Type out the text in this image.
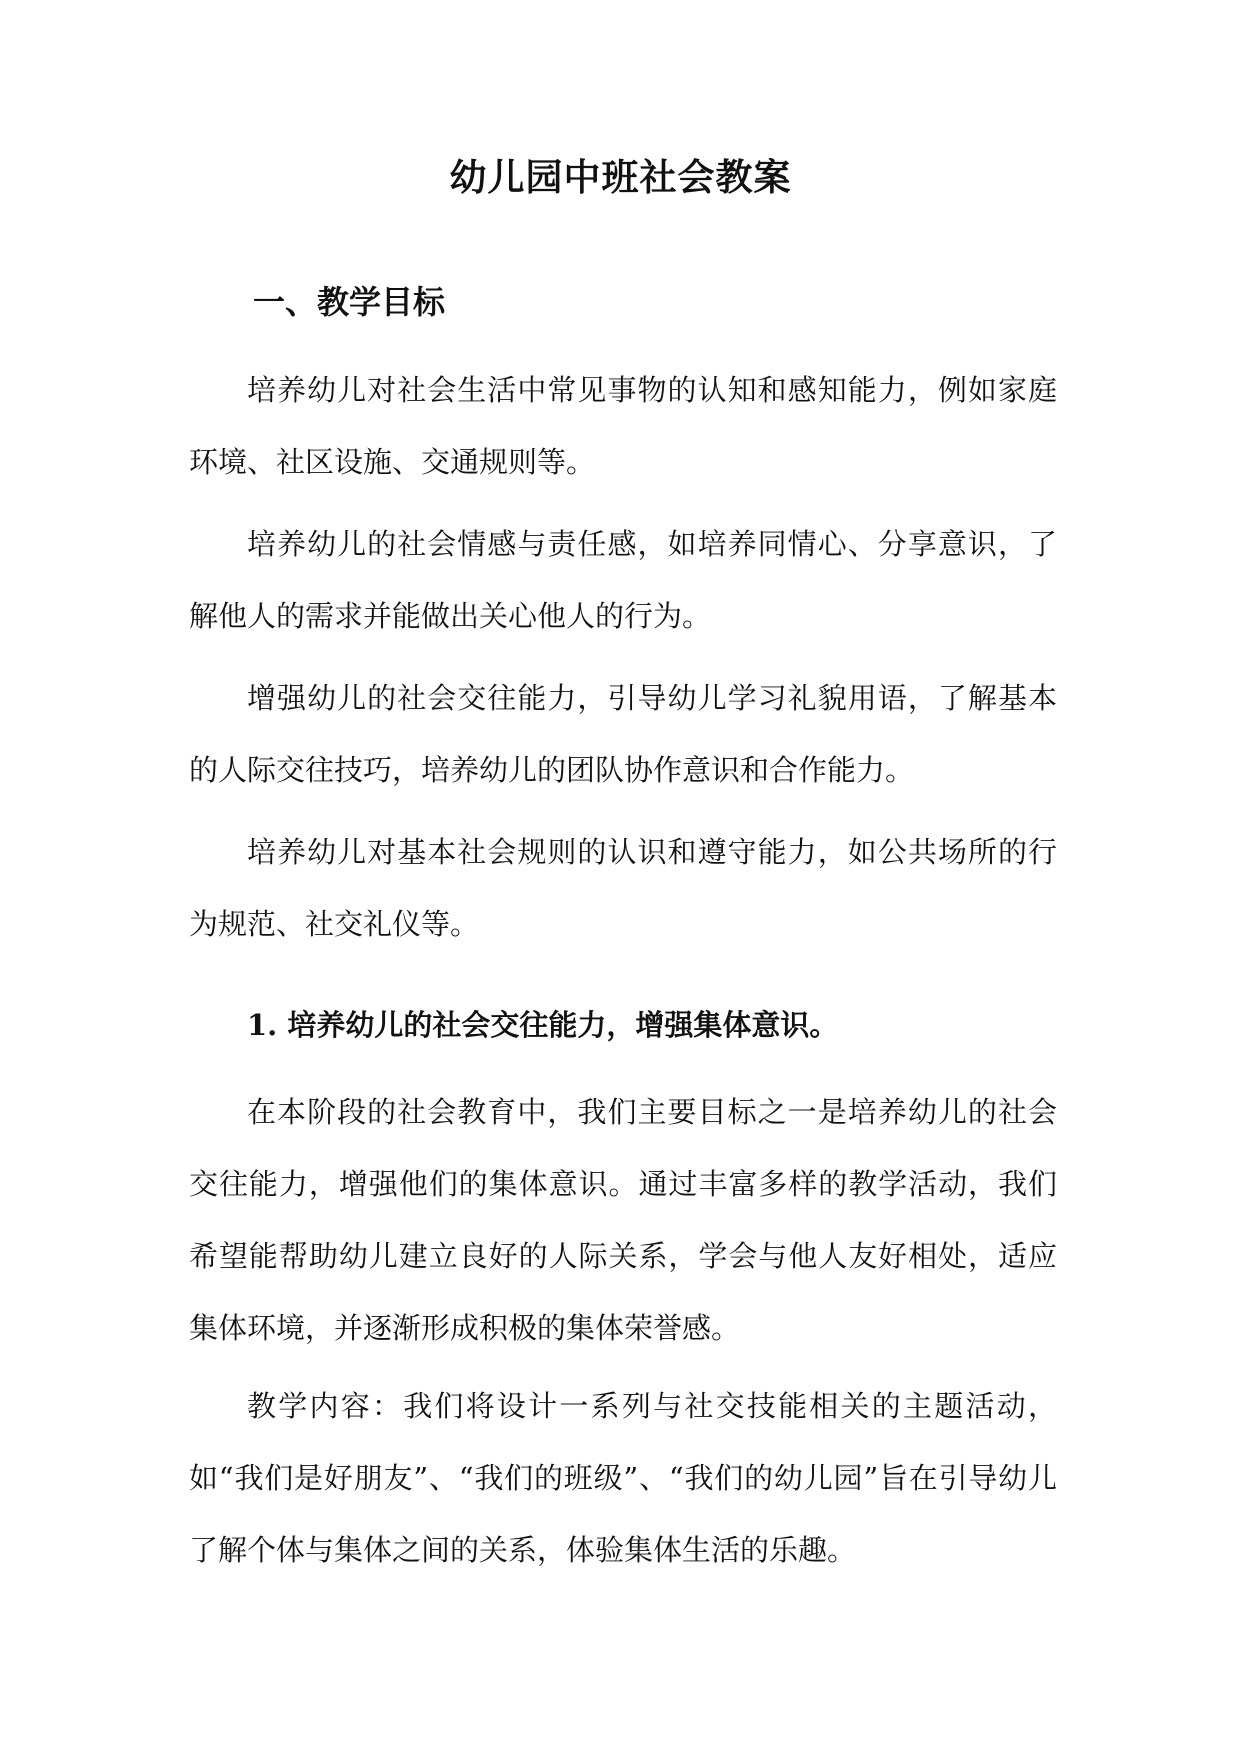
幼儿园中班社会教案
一、教学目标

培养幼儿对社会生活中常见事物的认知和感知能力，例如家庭环境、社区设施、交通规则等。

培养幼儿的社会情感与责任感，如培养同情心、分享意识，了解他人的需求并能做出关心他人的行为。

增强幼儿的社会交往能力，引导幼儿学习礼貌用语，了解基本的人际交往技巧，培养幼儿的团队协作意识和合作能力。

培养幼儿对基本社会规则的认识和遵守能力，如公共场所的行为规范、社交礼仪等。

1. 培养幼儿的社会交往能力，增强集体意识。

在本阶段的社会教育中，我们主要目标之一是培养幼儿的社会交往能力，增强他们的集体意识。通过丰富多样的教学活动，我们希望能帮助幼儿建立良好的人际关系，学会与他人友好相处，适应集体环境，并逐渐形成积极的集体荣誉感。

教学内容：我们将设计一系列与社交技能相关的主题活动，如“我们是好朋友”、“我们的班级”、“我们的幼儿园”旨在引导幼儿了解个体与集体之间的关系，体验集体生活的乐趣。
